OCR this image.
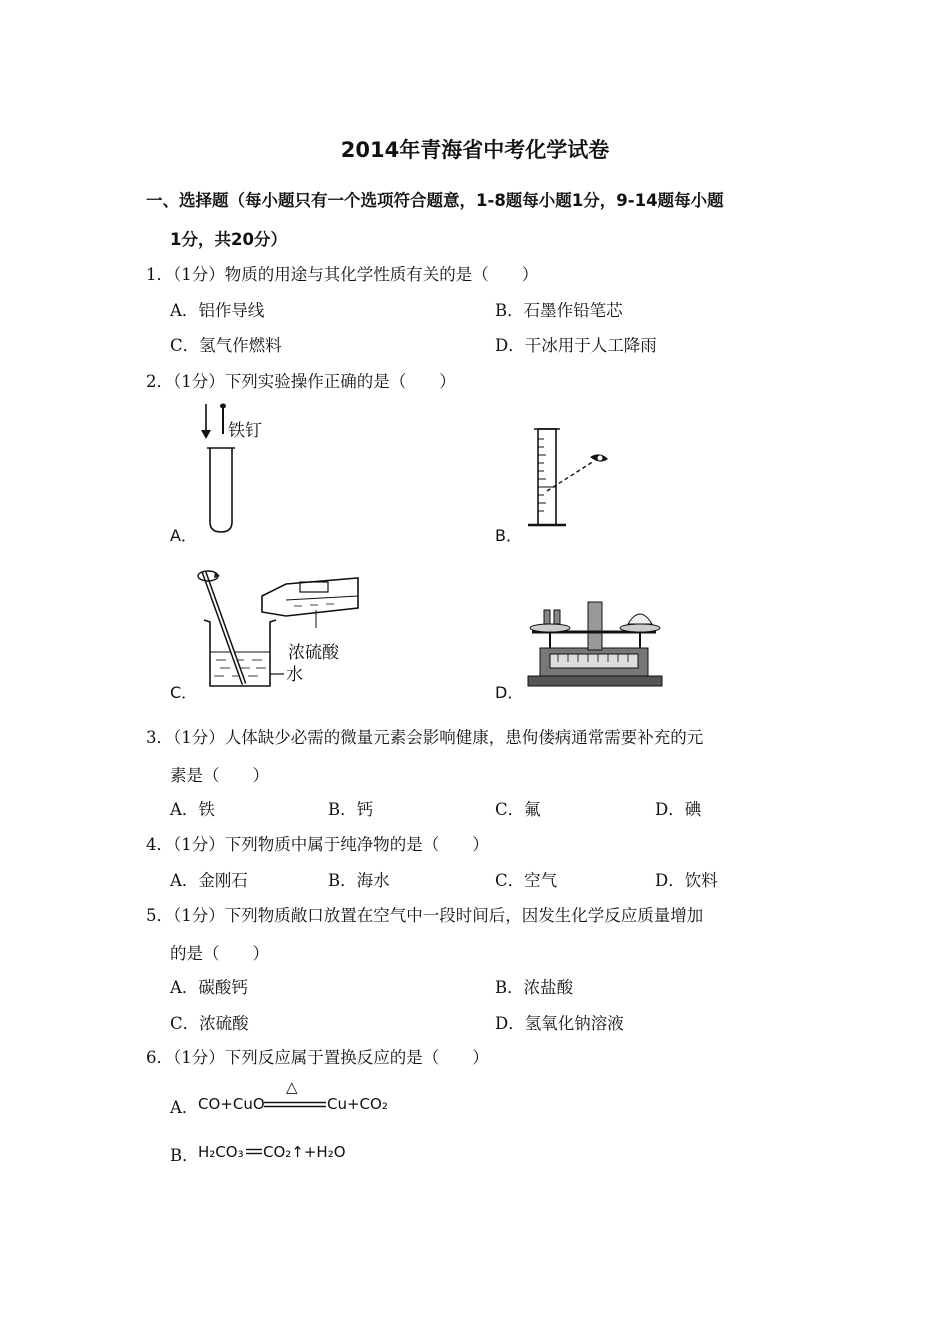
2014年青海省中考化学试卷
一、选择题（每小题只有一个选项符合题意，1-8题每小题1分，9-14题每小题
1分，共20分）
1．（1分）物质的用途与其化学性质有关的是（　　）
A．铝作导线	B．石墨作铅笔芯
C．氢气作燃料	D．干冰用于人工降雨
2．（1分）下列实验操作正确的是（　　）
铁钉
A．	B．
浓硫酸
水
C．	D．
3．（1分）人体缺少必需的微量元素会影响健康，患佝偻病通常需要补充的元
素是（　　）
A．铁	B．钙	C．氟	D．碘
4．（1分）下列物质中属于纯净物的是（　　）
A．金刚石	B．海水	C．空气	D．饮料
5．（1分）下列物质敞口放置在空气中一段时间后，因发生化学反应质量增加
的是（　　）
A．碳酸钙	B．浓盐酸
C．浓硫酸	D．氢氧化钠溶液
6．（1分）下列反应属于置换反应的是（　　）
A． CO+CuO
△
Cu+CO₂
B． H₂CO₃ CO₂↑+H₂O
